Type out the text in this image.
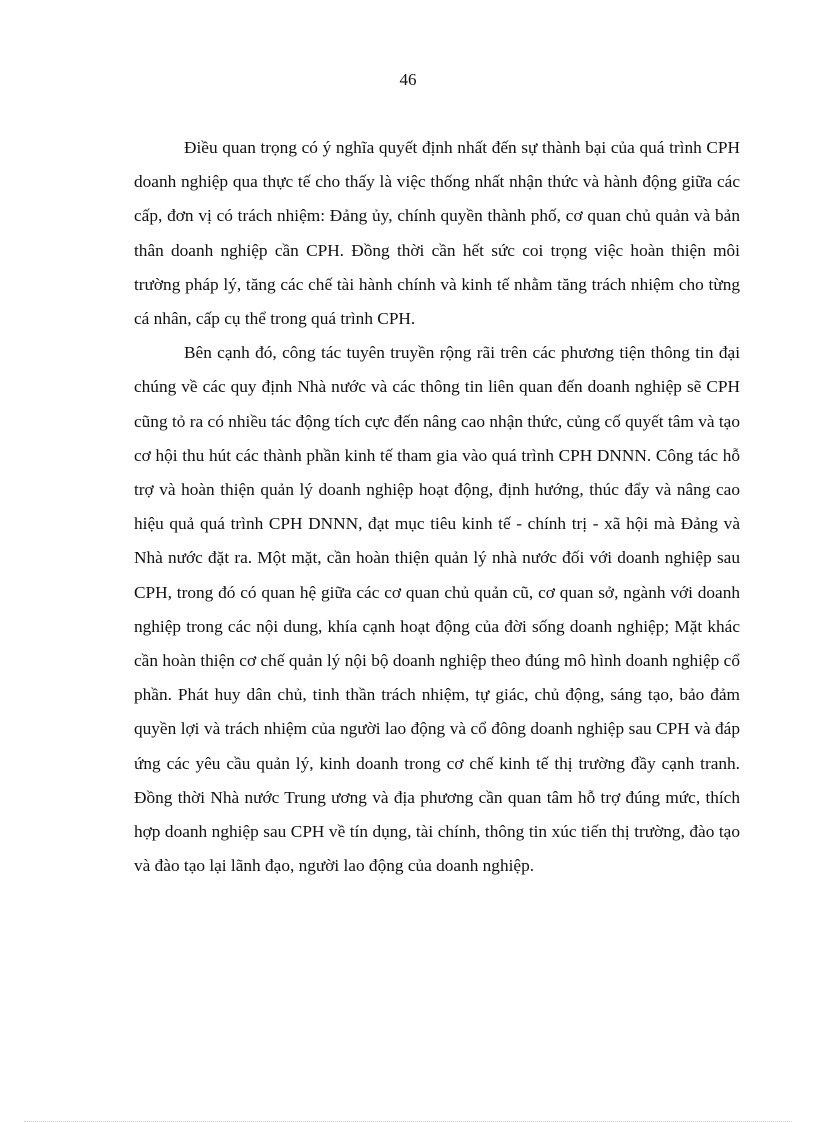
46

Điều quan trọng có ý nghĩa quyết định nhất đến sự thành bại của quá trình CPH doanh nghiệp qua thực tế cho thấy là việc thống nhất nhận thức và hành động giữa các cấp, đơn vị có trách nhiệm: Đảng ủy, chính quyền thành phố, cơ quan chủ quản và bản thân doanh nghiệp cần CPH. Đồng thời cần hết sức coi trọng việc hoàn thiện môi trường pháp lý, tăng các chế tài hành chính và kinh tế nhằm tăng trách nhiệm cho từng cá nhân, cấp cụ thể trong quá trình CPH.

Bên cạnh đó, công tác tuyên truyền rộng rãi trên các phương tiện thông tin đại chúng về các quy định Nhà nước và các thông tin liên quan đến doanh nghiệp sẽ CPH cũng tỏ ra có nhiều tác động tích cực đến nâng cao nhận thức, củng cố quyết tâm và tạo cơ hội thu hút các thành phần kinh tế tham gia vào quá trình CPH DNNN. Công tác hỗ trợ và hoàn thiện quản lý doanh nghiệp hoạt động, định hướng, thúc đẩy và nâng cao hiệu quả quá trình CPH DNNN, đạt mục tiêu kinh tế - chính trị - xã hội mà Đảng và Nhà nước đặt ra. Một mặt, cần hoàn thiện quản lý nhà nước đối với doanh nghiệp sau CPH, trong đó có quan hệ giữa các cơ quan chủ quản cũ, cơ quan sở, ngành với doanh nghiệp trong các nội dung, khía cạnh hoạt động của đời sống doanh nghiệp; Mặt khác cần hoàn thiện cơ chế quản lý nội bộ doanh nghiệp theo đúng mô hình doanh nghiệp cổ phần. Phát huy dân chủ, tinh thần trách nhiệm, tự giác, chủ động, sáng tạo, bảo đảm quyền lợi và trách nhiệm của người lao động và cổ đông doanh nghiệp sau CPH và đáp ứng các yêu cầu quản lý, kinh doanh trong cơ chế kinh tế thị trường đầy cạnh tranh. Đồng thời Nhà nước Trung ương và địa phương cần quan tâm hỗ trợ đúng mức, thích hợp doanh nghiệp sau CPH về tín dụng, tài chính, thông tin xúc tiến thị trường, đào tạo và đào tạo lại lãnh đạo, người lao động của doanh nghiệp.
